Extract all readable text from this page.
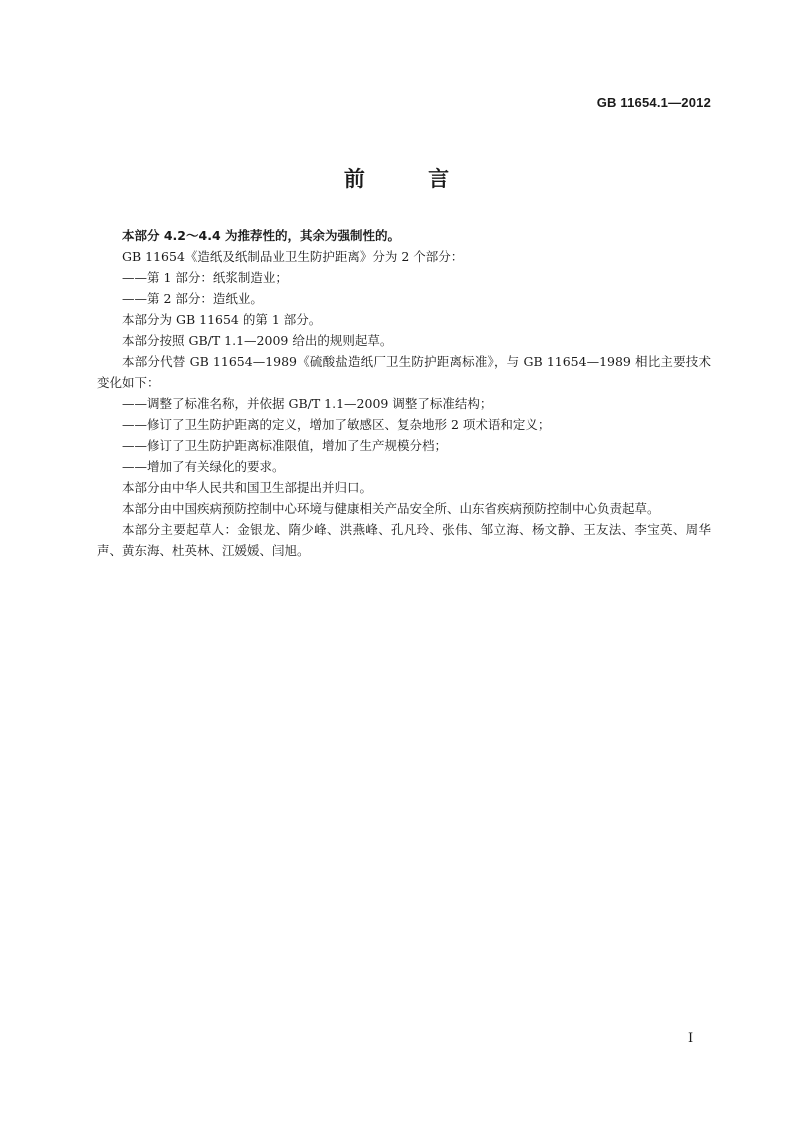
GB 11654.1—2012
前 言

本部分 4.2～4.4 为推荐性的，其余为强制性的。

GB 11654《造纸及纸制品业卫生防护距离》分为 2 个部分：

——第 1 部分：纸浆制造业；

——第 2 部分：造纸业。

本部分为 GB 11654 的第 1 部分。

本部分按照 GB/T 1.1—2009 给出的规则起草。

本部分代替 GB 11654—1989《硫酸盐造纸厂卫生防护距离标准》，与 GB 11654—1989 相比主要技术变化如下：

——调整了标准名称，并依据 GB/T 1.1—2009 调整了标准结构；

——修订了卫生防护距离的定义，增加了敏感区、复杂地形 2 项术语和定义；

——修订了卫生防护距离标准限值，增加了生产规模分档；

——增加了有关绿化的要求。

本部分由中华人民共和国卫生部提出并归口。

本部分由中国疾病预防控制中心环境与健康相关产品安全所、山东省疾病预防控制中心负责起草。

本部分主要起草人：金银龙、隋少峰、洪燕峰、孔凡玲、张伟、邹立海、杨文静、王友法、李宝英、周华声、黄东海、杜英林、江媛媛、闫旭。

I
